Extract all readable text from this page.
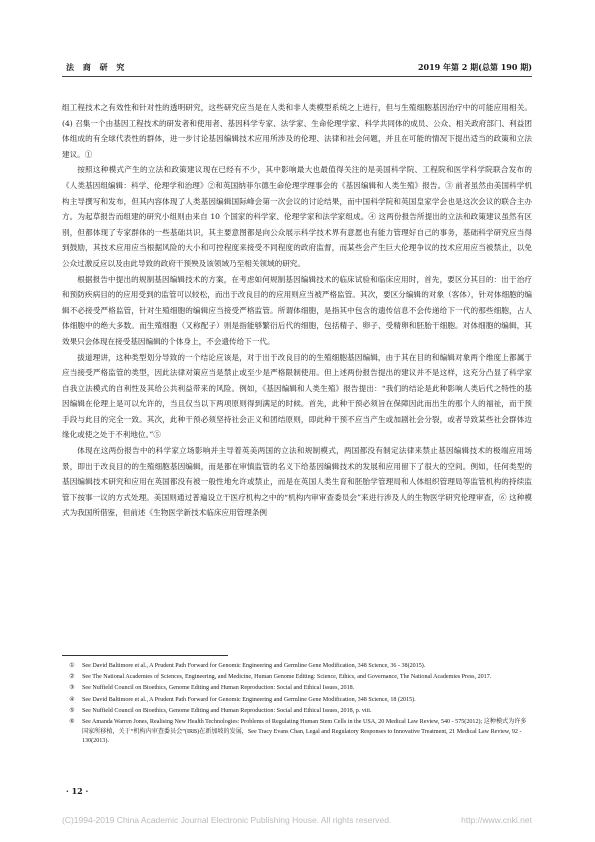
法 商 研 究	2019 年第 2 期(总第 190 期)

组工程技术之有效性和针对性的透明研究，这些研究应当是在人类和非人类模型系统之上进行，但与生殖细胞基因治疗中的可能应用相关。(4) 召集一个由基因工程技术的研发者和使用者、基因科学专家、法学家、生命伦理学家、科学共同体的成员、公众、相关政府部门、利益团体组成的有全球代表性的群体，进一步讨论基因编辑技术应用所涉及的伦理、法律和社会问题，并且在可能的情况下提出适当的政策和立法建议。①

按照这种模式产生的立法和政策建议现在已经有不少，其中影响最大也最值得关注的是美国科学院、工程院和医学科学院联合发布的《人类基因组编辑：科学、伦理学和治理》②和英国纳菲尔德生命伦理学理事会的《基因编辑和人类生殖》报告。③ 前者虽然由美国科学机构主导撰写和发布，但其内容体现了人类基因编辑国际峰会第一次会议的讨论结果，而中国科学院和英国皇家学会也是这次会议的联合主办方。为起草报告而组建的研究小组则由来自 10 个国家的科学家、伦理学家和法学家组成。④ 这两份报告所提出的立法和政策建议虽然有区别，但都体现了专家群体的一些基础共识，其主要意图都是向公众展示科学技术界有意愿也有能力管理好自己的事务，基础科学研究应当得到鼓励，其技术应用应当根据风险的大小和可控程度来接受不同程度的政府监督，而某些会产生巨大伦理争议的技术应用应当被禁止，以免公众过激反应以及由此导致的政府干预殃及该领域乃至相关领域的研究。

根据报告中提出的规制基因编辑技术的方案，在考虑如何规制基因编辑技术的临床试验和临床应用时，首先，要区分其目的：出于治疗和预防疾病目的的应用受到的监管可以较松，而出于改良目的的应用则应当被严格监管。其次，要区分编辑的对象（客体），针对体细胞的编辑不必接受严格监管，针对生殖细胞的编辑应当接受严格监管。所谓体细胞，是指其中包含的遗传信息不会传递给下一代的那些细胞，占人体细胞中的绝大多数。而生殖细胞（又称配子）则是指能够繁衍后代的细胞，包括精子、卵子、受精卵和胚胎干细胞。对体细胞的编辑，其效果只会体现在接受基因编辑的个体身上，不会遗传给下一代。

拔道理讲，这种类型划分导致的一个结论应该是，对于出于改良目的的生殖细胞基因编辑，由于其在目的和编辑对象两个维度上都属于应当接受严格监管的类型，因此法律对策应当是禁止或至少是严格限制使用。但上述两份报告提出的建议并不是这样，这充分凸显了科学家自我立法模式的自利性及其给公共利益带来的风险。例如，《基因编辑和人类生殖》报告提出：“我们的结论是此种影响人类后代之特性的基因编辑在伦理上是可以允许的，当且仅当以下两项原则得到满足的时候。首先，此种干预必须旨在保障因此而出生的那个人的福祉，而干预手段与此目的完全一致。其次，此种干预必须坚持社会正义和团结原则，即此种干预不应当产生或加剧社会分裂，或者导致某些社会群体边缘化或使之处于不利地位。”⑤

体现在这两份报告中的科学家立场影响并主导着英美两国的立法和规制模式，两国都没有制定法律来禁止基因编辑技术的极端应用场景，即出于改良目的的生殖细胞基因编辑，而是都在审慎监管的名义下给基因编辑技术的发展和应用留下了很大的空间。例如，任何类型的基因编辑技术研究和应用在英国都没有被一般性地允许或禁止，而是在英国人类生育和胚胎学管理局和人体组织管理局等监管机构的持续监管下按事一议的方式处理。美国则通过普遍设立于医疗机构之中的“机构内审审查委员会”来进行涉及人的生物医学研究伦理审查，⑥ 这种模式为我国所借鉴，但前述《生物医学新技术临床应用管理条例

①	See David Baltimore et al., A Prudent Path Forward for Genomic Engineering and Germline Gene Modification, 348 Science, 36 - 38(2015).
②	See The National Academies of Sciences, Engineering, and Medicine, Human Genome Editing: Science, Ethics, and Governance, The National Academies Press, 2017.
③	See Nuffield Council on Bioethics, Genome Editing and Human Reproduction: Social and Ethical Issues, 2018.
④	See David Baltimore et al., A Prudent Path Forward for Genomic Engineering and Germline Gene Modification, 348 Science, 18 (2015).
⑤	See Nuffield Council on Bioethics, Genome Editing and Human Reproduction: Social and Ethical Issues, 2018, p. viii.
⑥	See Amanda Warren Jones, Realising New Health Technologies: Problems of Regulating Human Stem Cells in the USA, 20 Medical Law Review, 540 - 575(2012); 这种模式为许多国家所移植，关于“机构内审查委员会”(IRB)在新加坡的发展，See Tracy Evans Chan, Legal and Regulatory Responses to Innovative Treatment, 21 Medical Law Review, 92 - 130(2013).
· 12 ·
(C)1994-2019 China Academic Journal Electronic Publishing House. All rights reserved.	http://www.cnki.net
